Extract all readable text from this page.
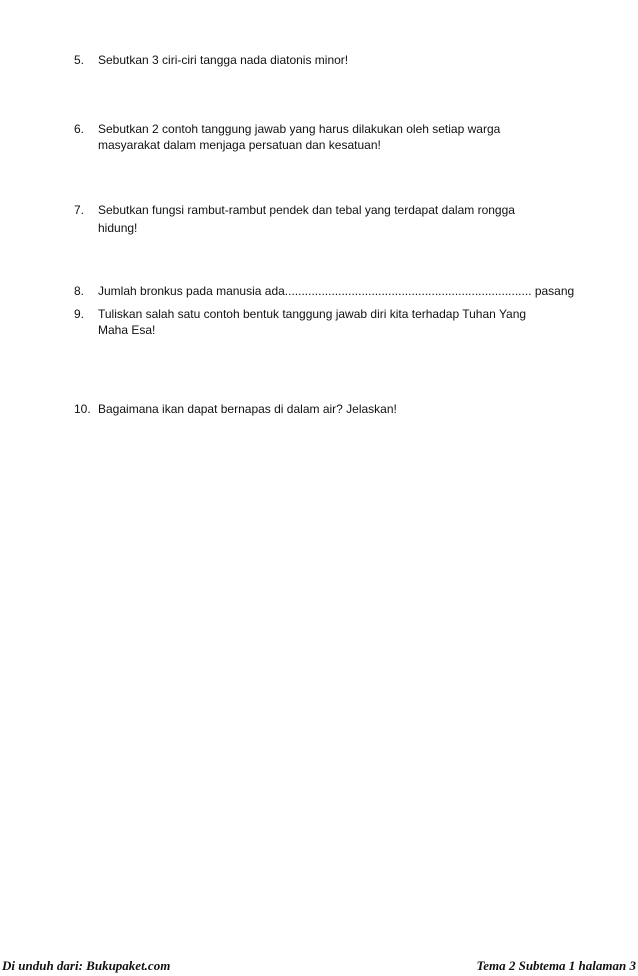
5. Sebutkan 3 ciri-ciri tangga nada diatonis minor!
6. Sebutkan 2 contoh tanggung jawab yang harus dilakukan oleh setiap warga masyarakat dalam menjaga persatuan dan kesatuan!
7. Sebutkan fungsi rambut-rambut pendek dan tebal yang terdapat dalam rongga hidung!
8. Jumlah bronkus pada manusia ada.......................................................................... pasang
9. Tuliskan salah satu contoh bentuk tanggung jawab diri kita terhadap Tuhan Yang Maha Esa!
10. Bagaimana ikan dapat bernapas di dalam air? Jelaskan!
Di unduh dari: Bukupaket.com	Tema 2 Subtema 1 halaman 3
